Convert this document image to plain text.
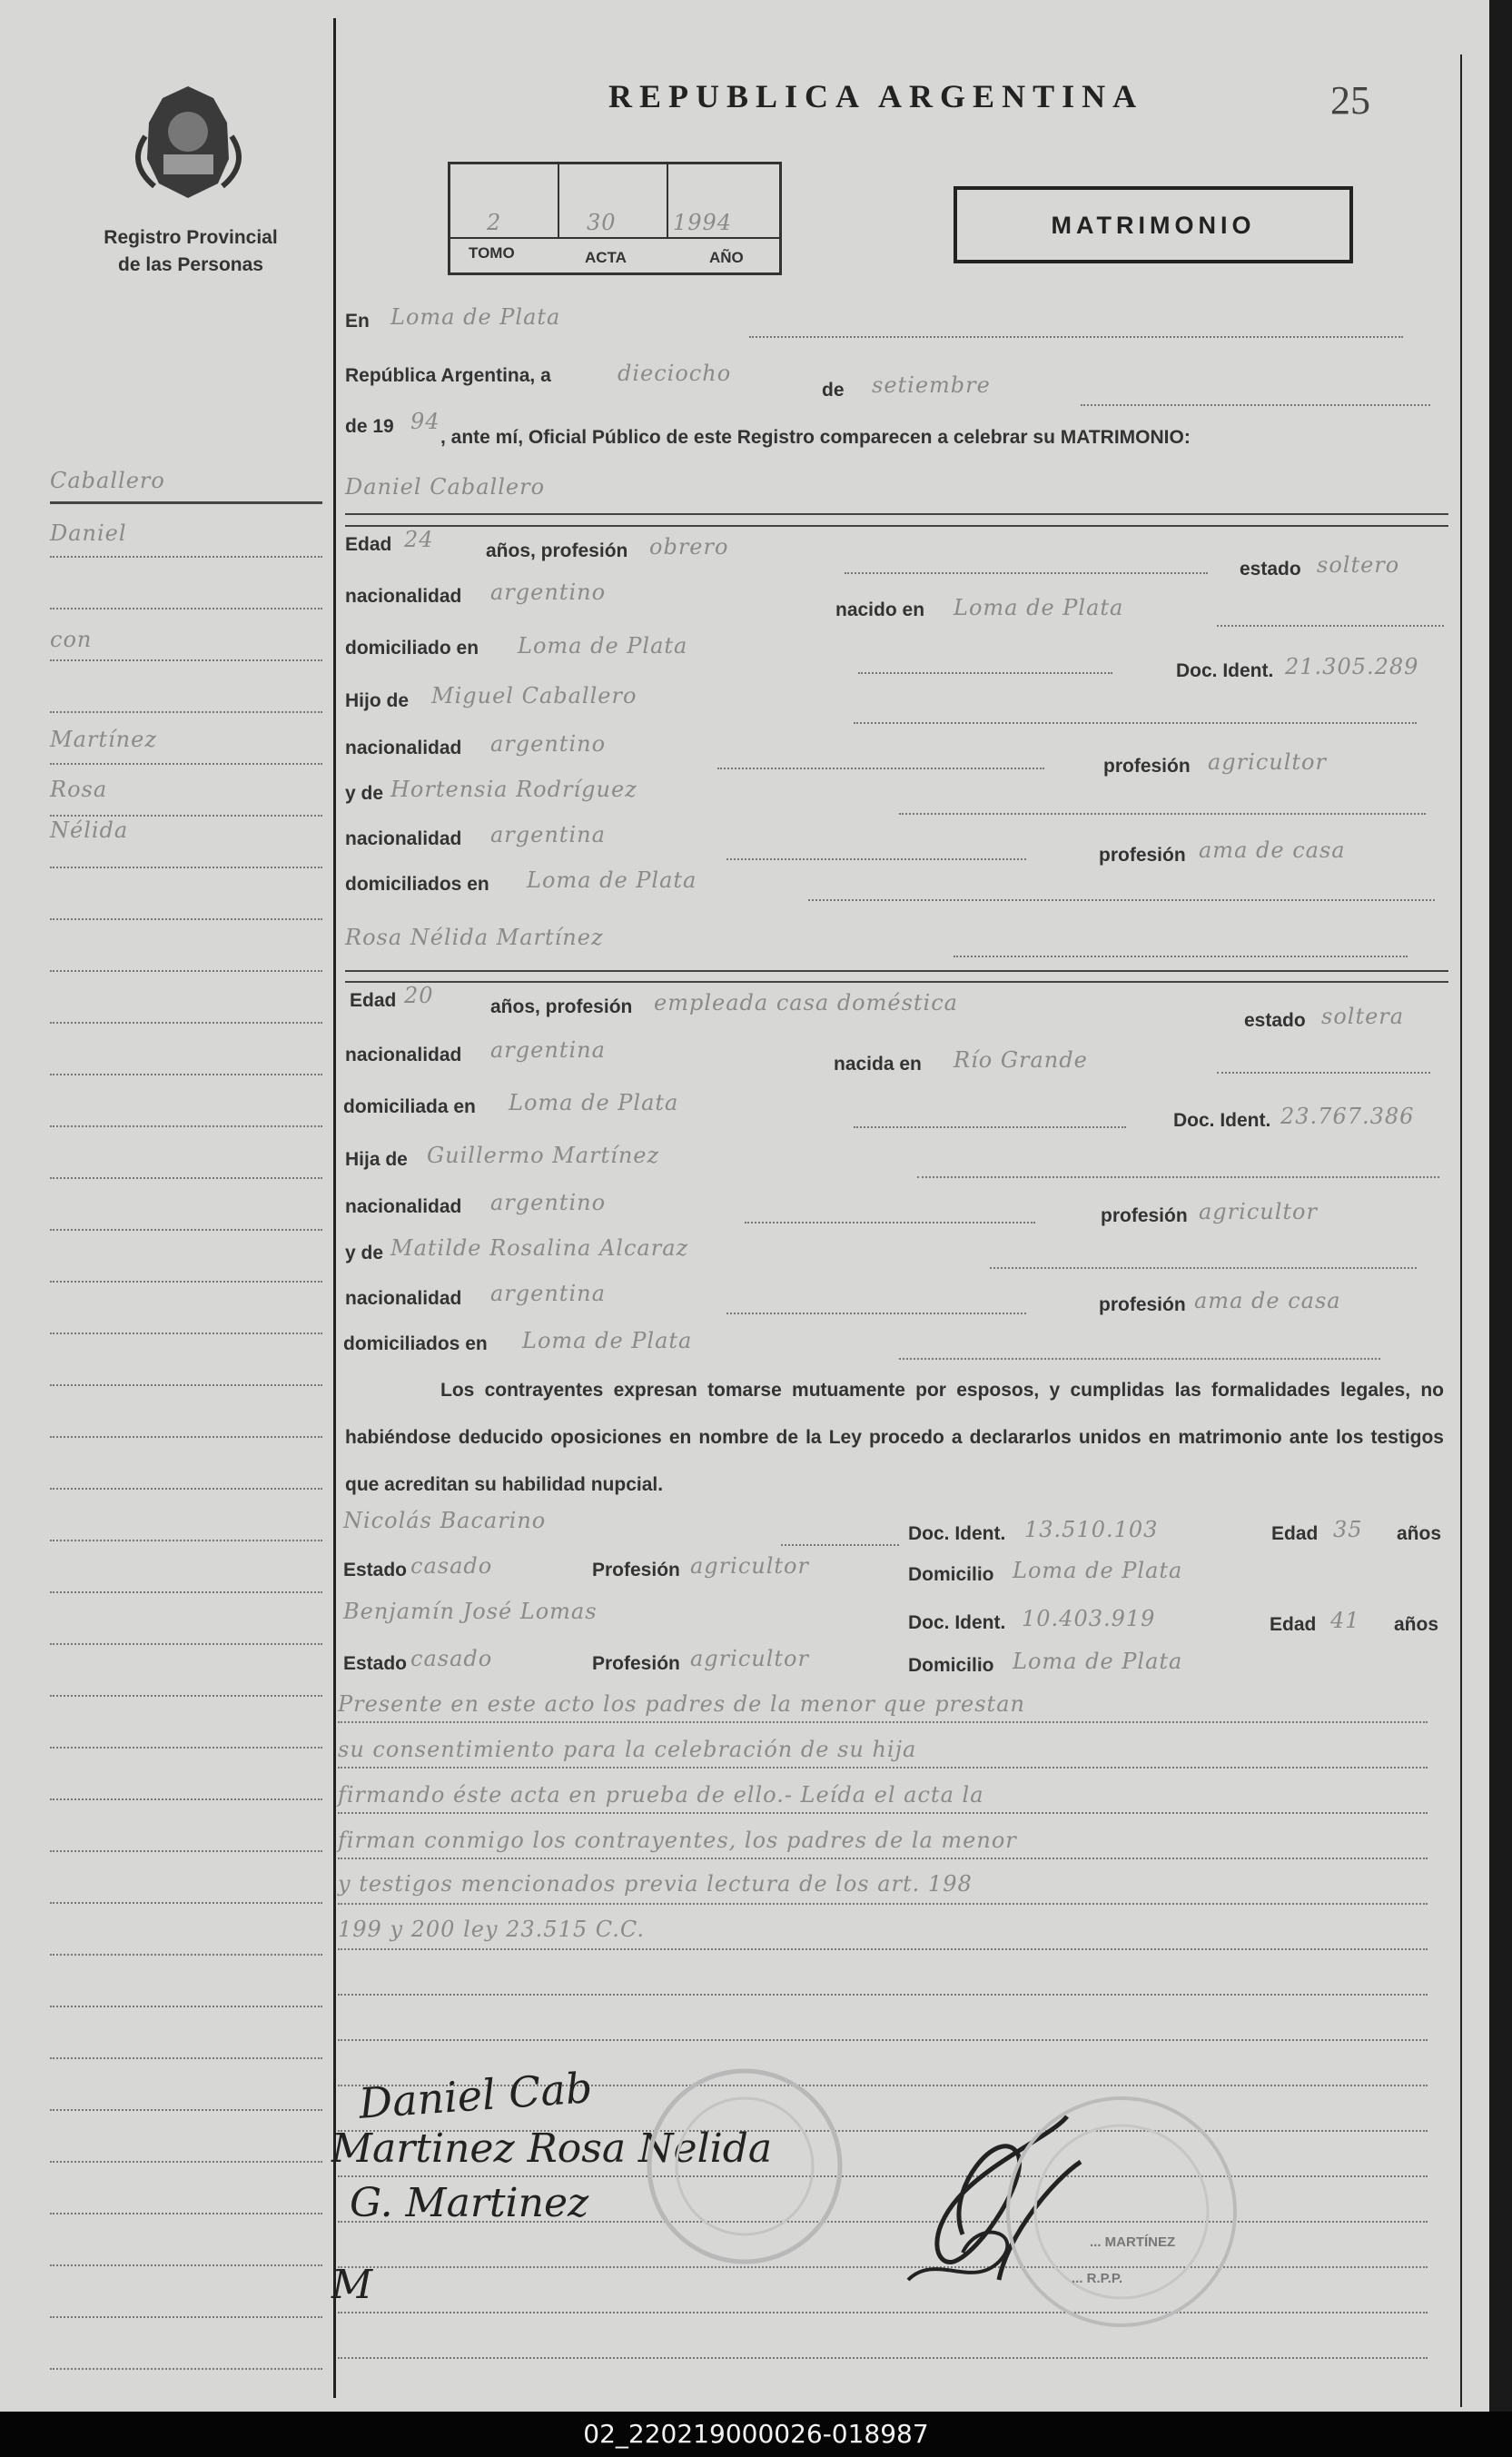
Registro Provincial
de las Personas
REPUBLICA ARGENTINA	25
2	30	1994
TOMO	ACTA	AÑO
MATRIMONIO
Caballero
Daniel
con
Martínez
Rosa
Nélida
En Loma de Plata
República Argentina, a	dieciocho
de setiembre
de 19 94
, ante mí, Oficial Público de este Registro comparecen a celebrar su MATRIMONIO:
Daniel Caballero
Edad 24	años, profesión obrero
estado soltero
nacionalidad argentino
nacido en Loma de Plata
domiciliado en Loma de Plata
Doc. Ident. 21.305.289
Hijo de Miguel Caballero
nacionalidad argentino
profesión agricultor
y de Hortensia Rodríguez
nacionalidad argentina
profesión ama de casa
domiciliados en Loma de Plata
Rosa Nélida Martínez
Edad 20	años, profesión empleada casa doméstica
estado soltera
nacionalidad argentina
nacida en Río Grande
domiciliada en Loma de Plata
Doc. Ident. 23.767.386
Hija de Guillermo Martínez
nacionalidad argentino
profesión agricultor
y de Matilde Rosalina Alcaraz
nacionalidad argentina	profesión ama de casa
domiciliados en Loma de Plata
Los contrayentes expresan tomarse mutuamente por esposos, y cumplidas las formalidades legales, no habiéndose deducido oposiciones en nombre de la Ley procedo a declararlos unidos en matrimonio ante los testigos que acreditan su habilidad nupcial.
Nicolás Bacarino
Doc. Ident. 13.510.103	Edad 35 años
Estado casado	Profesión agricultor	Domicilio Loma de Plata
Benjamín José Lomas	Doc. Ident. 10.403.919	Edad 41 años
Estado casado	Profesión agricultor	Domicilio Loma de Plata
Presente en este acto los padres de la menor que prestan
su consentimiento para la celebración de su hija
firmando éste acta en prueba de ello.- Leída el acta la
firman conmigo los contrayentes, los padres de la menor
y testigos mencionados previa lectura de los art. 198
199 y 200 ley 23.515 C.C.
Daniel Cab
Martinez Rosa Nelida
G. Martinez
M
... MARTÍNEZ
... R.P.P.
02_220219000026-018987
